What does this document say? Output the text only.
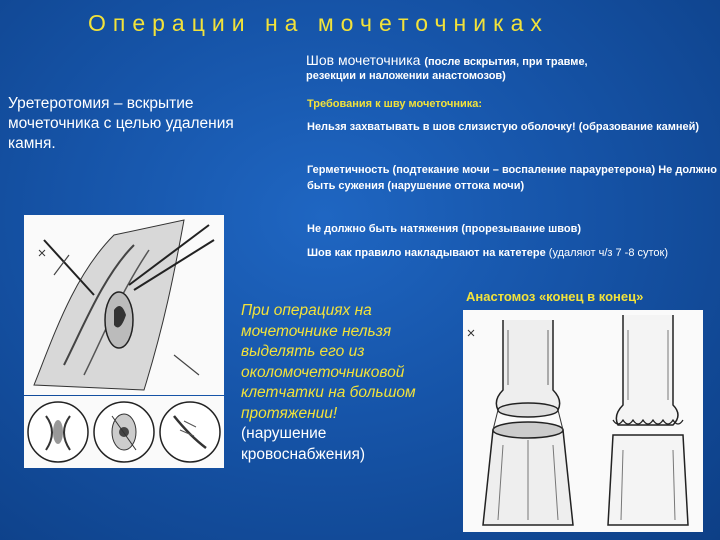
Операции на мочеточниках
Шов мочеточника (после вскрытия, при травме,
резекции и наложении анастомозов)
Уретеротомия – вскрытие мочеточника с целью удаления камня.
Требования к шву мочеточника:
Нельзя захватывать в шов слизистую оболочку! (образование камней)
Герметичность (подтекание мочи – воспаление парауретерона) Не должно быть сужения (нарушение оттока мочи)
Не должно быть натяжения (прорезывание швов)
Шов как правило накладывают на катетере (удаляют ч/з 7 -8 суток)
При операциях на мочеточнике нельзя выделять его из околомочеточниковой клетчатки на большом протяжении!
(нарушение кровоснабжения)
Анастомоз «конец в конец»
